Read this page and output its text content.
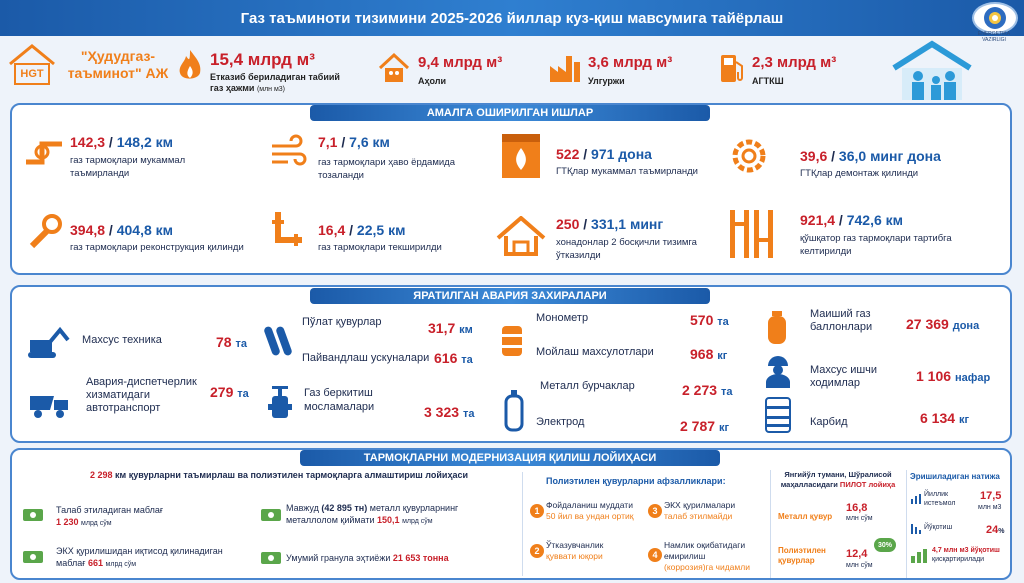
Газ таъминоти тизимини 2025-2026 йиллар куз-қиш мавсумига тайёрлаш
ENERGETIKA VAZIRLIGI
HGT
"Ҳудудгаз-
таъминот" АЖ
15,4 млрд м³
Етказиб бериладиган табиий
газ ҳажми (млн м3)
9,4 млрд м³
Аҳоли
3,6 млрд м³
Улгуржи
2,3 млрд м³
АГТКШ
АМАЛГА ОШИРИЛГАН ИШЛАР
142,3 / 148,2 км
газ тармоқлари мукаммал
таъмирланди
7,1 / 7,6 км
газ тармоқлари ҳаво ёрдамида
тозаланди
522 / 971 дона
ГТҚлар мукаммал таъмирланди
39,6 / 36,0 минг дона
ГТҚлар демонтаж қилинди
394,8 / 404,8 км
газ тармоқлари реконструкция қилинди
16,4 / 22,5 км
газ тармоқлари текширилди
250 / 331,1 минг
хонадонлар 2 босқичли тизимга
ўтказилди
921,4 / 742,6 км
қўшқатор газ тармоқлари тартибга
келтирилди
ЯРАТИЛГАН АВАРИЯ ЗАХИРАЛАРИ
Махсус техника	78 та
Авария-диспетчерлик
хизматидаги
автотранспорт
279 та
Пўлат қувурлар	31,7 км
Пайвандлаш ускуналари 616 та
Газ беркитиш
мосламалари	3 323 та
Монометр	570 та
Мойлаш махсулотлари	968 кг
Металл бурчаклар	2 273 та
Электрод	2 787 кг
Маиший газ
баллонлари 27 369 дона
Махсус ишчи
ходимлар	1 106 нафар
Карбид	6 134 кг
ТАРМОҚЛАРНИ МОДЕРНИЗАЦИЯ ҚИЛИШ ЛОЙИҲАСИ
2 298 км қувурларни таъмирлаш ва полиэтилен тармоқларга алмаштириш лойиҳаси
Талаб этиладиган маблағ
1 230 млрд сўм
ЭКХ қурилишидан иқтисод қилинадиган
маблағ 661 млрд сўм
Мавжуд (42 895 тн) металл қувурларнинг
металлолом қиймати 150,1 млрд сўм
Умумий гранула эҳтиёжи 21 653 тонна
Полиэтилен қувурларни афзалликлари:
1
Фойдаланиш муддати
50 йил ва ундан ортиқ
2
Ўтказувчанлик
қуввати юқори
3
ЭКХ қурилмалари
талаб этилмайди
4
Намлик оқибатидаги
емирилиш
(коррозия)га чидамли
Янгийўл тумани, Шўралисой
маҳалласидаги ПИЛОТ лойиҳа
Металл қувур
16,8
млн сўм
30%
Полиэтилен
қувурлар
12,4
млн сўм
Эришиладиган натижа
Йиллик
истеъмол
17,5
млн м3
Йўқотиш	24%
4,7 млн м3 йўқотиш
қисқартирилади
